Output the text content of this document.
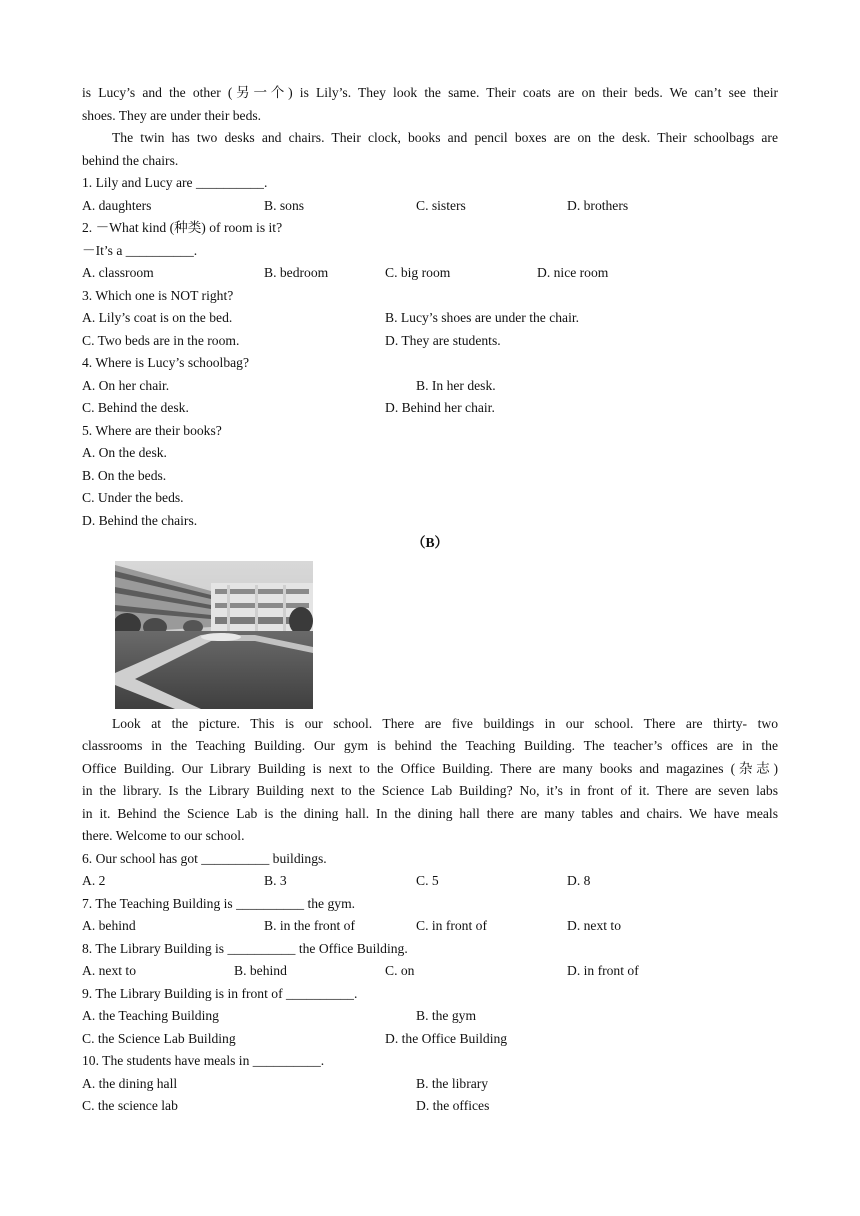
is Lucy’s and the other (另一个) is Lily’s. They look the same. Their coats are on their beds. We can’t see their
shoes. They are under their beds.
The twin has two desks and chairs. Their clock, books and pencil boxes are on the desk. Their schoolbags are
behind the chairs.
1. Lily and Lucy are __________.
A. daughters	B. sons	C. sisters	D. brothers
2. －What kind (种类) of room is it?
－It’s a __________.
A. classroom	B. bedroom	C. big room	D. nice room
3. Which one is NOT right?
A. Lily’s coat is on the bed.	B. Lucy’s shoes are under the chair.
C. Two beds are in the room.	D. They are students.
4. Where is Lucy’s schoolbag?
A. On her chair.	B. In her desk.
C. Behind the desk.	D. Behind her chair.
5. Where are their books?
A. On the desk.
B. On the beds.
C. Under the beds.
D. Behind the chairs.
（B）
Look at the picture. This is our school. There are five buildings in our school. There are thirty- two
classrooms in the Teaching Building. Our gym is behind the Teaching Building. The teacher’s offices are in the
Office Building. Our Library Building is next to the Office Building. There are many books and magazines (杂志)
in the library. Is the Library Building next to the Science Lab Building? No, it’s in front of it. There are seven labs
in it. Behind the Science Lab is the dining hall. In the dining hall there are many tables and chairs. We have meals
there. Welcome to our school.
6. Our school has got __________ buildings.
A. 2	B. 3	C. 5	D. 8
7. The Teaching Building is __________ the gym.
A. behind	B. in the front of	C. in front of	D. next to
8. The Library Building is __________ the Office Building.
A. next to	B. behind	C. on	D. in front of
9. The Library Building is in front of __________.
A. the Teaching Building	B. the gym
C. the Science Lab Building	D. the Office Building
10. The students have meals in __________.
A. the dining hall	B. the library
C. the science lab	D. the offices
